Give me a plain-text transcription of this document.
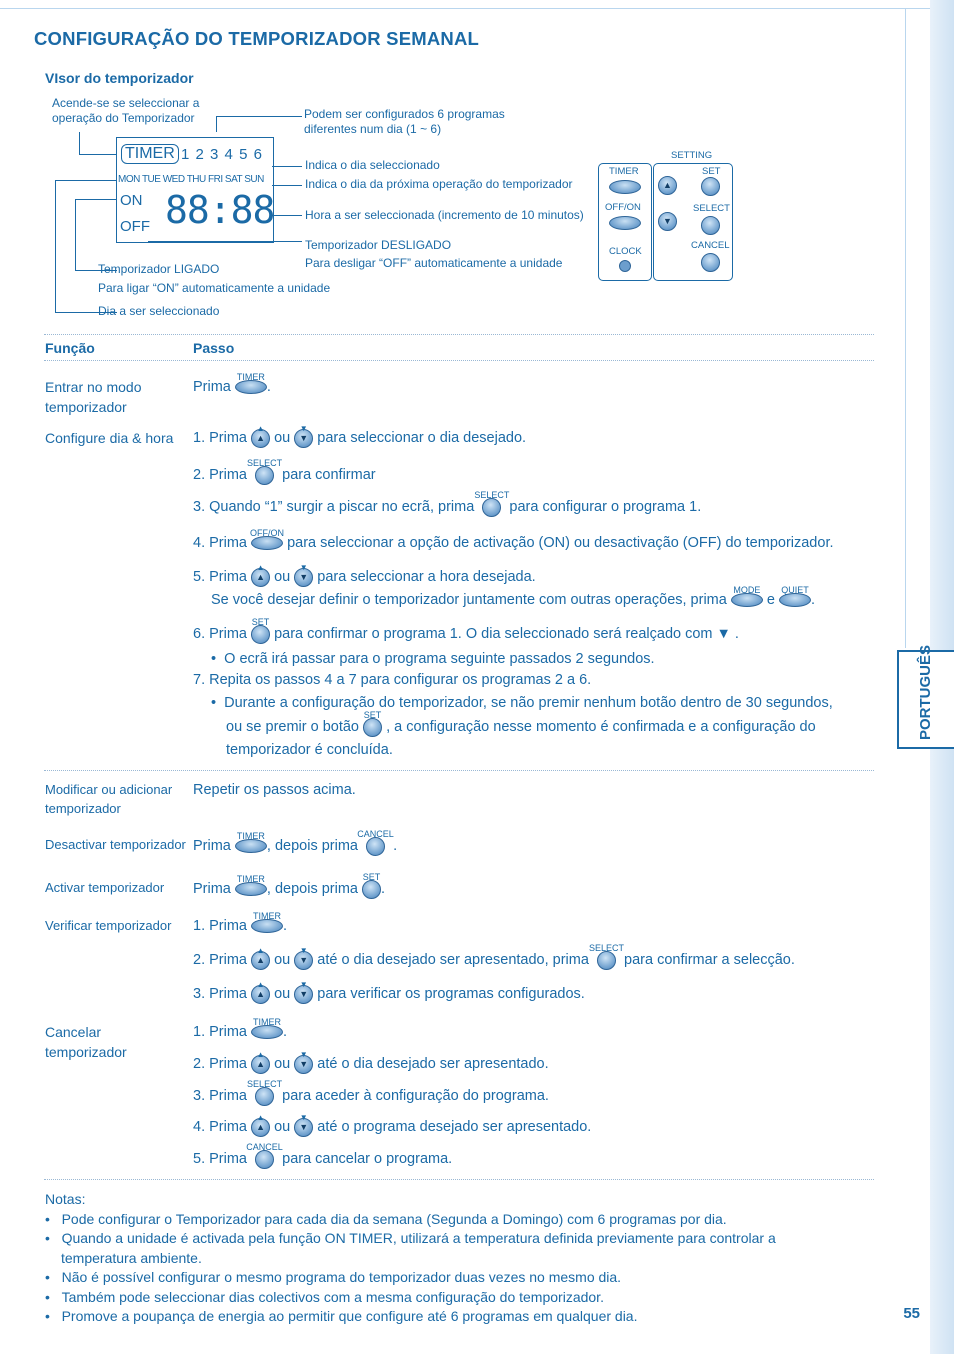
CONFIGURAÇÃO DO TEMPORIZADOR SEMANAL
VIsor do temporizador
Acende-se se seleccionar a operação do Temporizador	Podem ser configurados 6 programas diferentes num dia (1 ~ 6)
Indica o dia seleccionado
Indica o dia da próxima operação do temporizador
Hora a ser seleccionada (incremento de 10 minutos)
Temporizador DESLIGADO
Para desligar “OFF” automaticamente a unidade
Temporizador LIGADO
Para ligar “ON” automaticamente a unidade
Dia a ser seleccionado
TIMER 1 2 3 4 5 6
MON TUE WED THU FRI SAT SUN
ON
OFF 88:88
TIMER
OFF/ON
CLOCK
SETTING
▲
▼
SET
SELECT
CANCEL
Função	Passo
Entrar no modo temporizador
Prima
TIMER
.
Configure dia & hora 1. Prima ▲
▲
ou ▼
▼
para seleccionar o dia desejado.
2. Prima
SELECT
para confirmar
3. Quando “1” surgir a piscar no ecrã, prima
SELECT
para configurar o programa 1.
4. Prima
OFF/ON
para seleccionar a opção de activação (ON) ou desactivação (OFF) do temporizador.
5. Prima ▲
▲
ou ▼
▼
para seleccionar a hora desejada.
Se você desejar definir o temporizador juntamente com outras operações, prima
MODE
e
QUIET
.
6. Prima
SET
para confirmar o programa 1. O dia seleccionado será realçado com ▼ .
•  O ecrã irá passar para o programa seguinte passados 2 segundos.
7. Repita os passos 4 a 7 para configurar os programas 2 a 6.
•  Durante a configuração do temporizador, se não premir nenhum botão dentro de 30 segundos,
ou se premir o botão
SET
, a configuração nesse momento é confirmada e a configuração do
temporizador é concluída.
Modificar ou adicionar temporizador
Repetir os passos acima.
Desactivar temporizador Prima
TIMER
, depois prima
CANCEL
.
Activar temporizador Prima
TIMER
, depois prima
SET
.
Verificar temporizador 1. Prima
TIMER
.
2. Prima ▲
▲
ou ▼
▼
até o dia desejado ser apresentado, prima
SELECT
para confirmar a selecção.
3. Prima ▲
▲
ou ▼
▼
para verificar os programas configurados.
Cancelar temporizador
1. Prima
TIMER
.
2. Prima ▲
▲
ou ▼
▼
até o dia desejado ser apresentado.
3. Prima
SELECT
para aceder à configuração do programa.
4. Prima ▲
▲
ou ▼
▼
até o programa desejado ser apresentado.
5. Prima
CANCEL
para cancelar o programa.
Notas:
•   Pode configurar o Temporizador para cada dia da semana (Segunda a Domingo) com 6 programas por dia.
•   Quando a unidade é activada pela função ON TIMER, utilizará a temperatura definida previamente para controlar a temperatura ambiente.
•   Não é possível configurar o mesmo programa do temporizador duas vezes no mesmo dia.
•   Também pode seleccionar dias colectivos com a mesma configuração do temporizador.
•   Promove a poupança de energia ao permitir que configure até 6 programas em qualquer dia.
PORTUGUÊS
55
